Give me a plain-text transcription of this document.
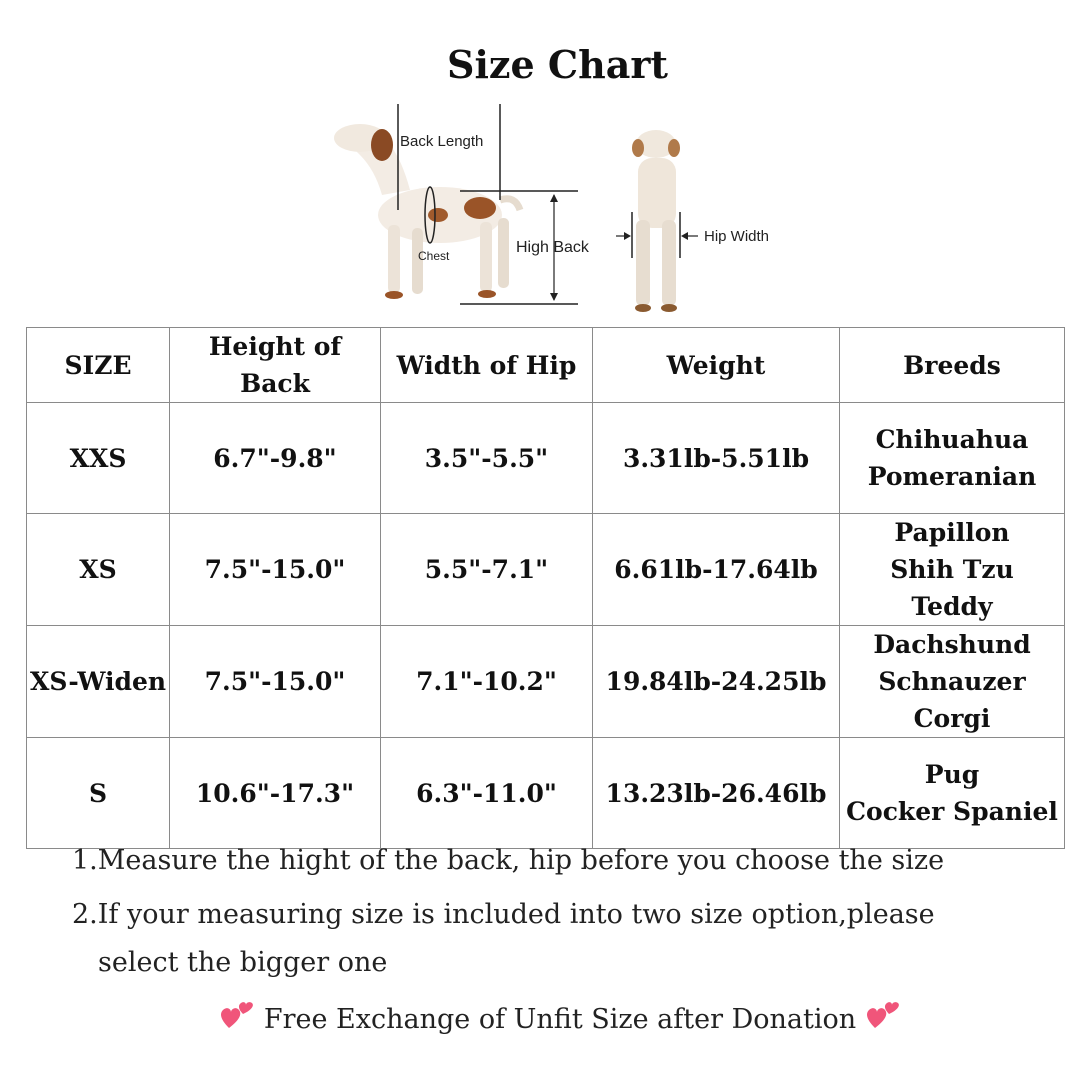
Size Chart
Back Length
Chest	High Back
Hip Width
SIZE	Height of Back	Width of Hip	Weight	Breeds
XXS	6.7"-9.8"	3.5"-5.5"	3.31lb-5.51lb	Chihuahua
Pomeranian

XS	7.5"-15.0"	5.5"-7.1"	6.61lb-17.64lb	Papillon
Shih Tzu
Teddy

XS-Widen	7.5"-15.0"	7.1"-10.2"	19.84lb-24.25lb	Dachshund
Schnauzer
Corgi

S	10.6"-17.3"	6.3"-11.0"	13.23lb-26.46lb	Pug
Cocker Spaniel

1.Measure the hight of the back, hip before you choose the size

2.If your measuring size is included into two size option,please
select the bigger one

Free Exchange of Unfit Size after Donation
